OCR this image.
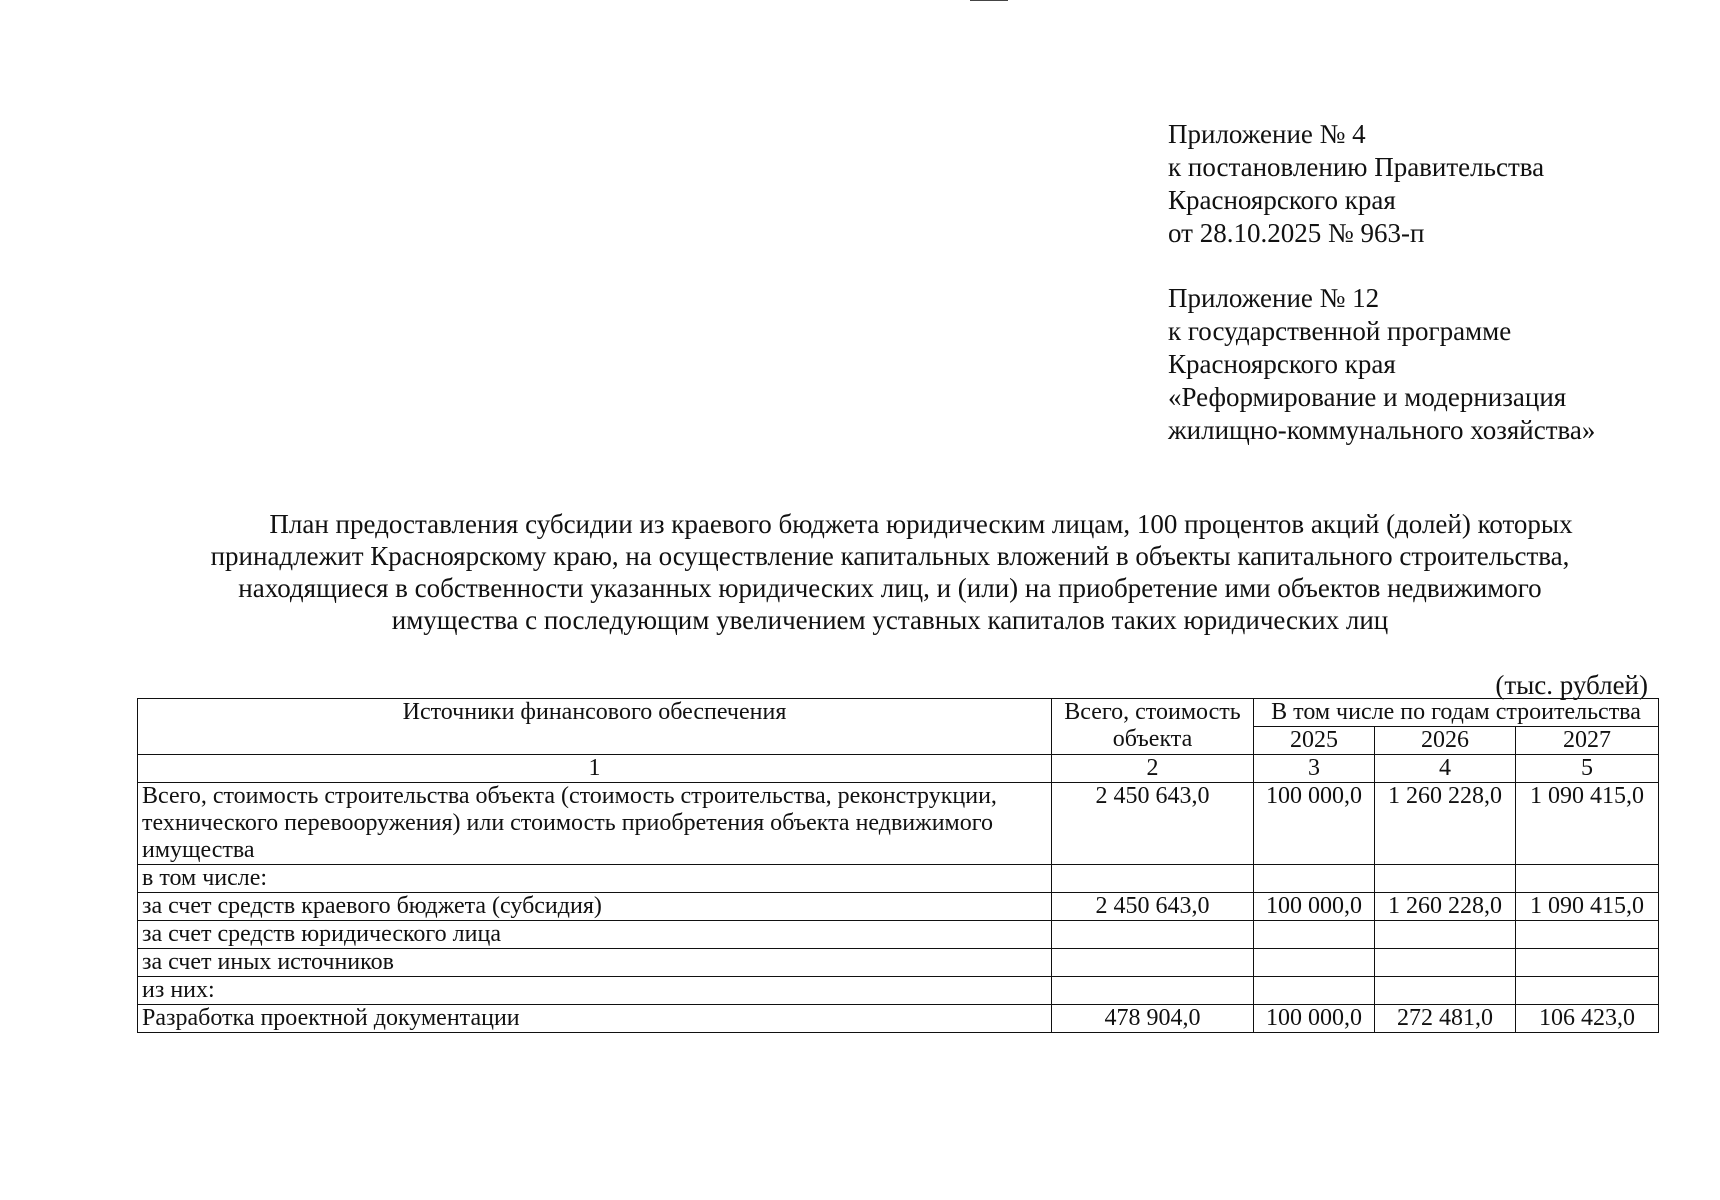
Приложение № 4
к постановлению Правительства
Красноярского края
от 28.10.2025 № 963-п
Приложение № 12
к государственной программе
Красноярского края
«Реформирование и модернизация
жилищно-коммунального хозяйства»
План предоставления субсидии из краевого бюджета юридическим лицам, 100 процентов акций (долей) которых
принадлежит Красноярскому краю, на осуществление капитальных вложений в объекты капитального строительства,
находящиеся в собственности указанных юридических лиц, и (или) на приобретение ими объектов недвижимого
имущества с последующим увеличением уставных капиталов таких юридических лиц
(тыс. рублей)
Источники финансового обеспечения	Всего, стоимость объекта	В том числе по годам строительства		
		2025	2026	2027
1	2	3	4	5
Всего, стоимость строительства объекта (стоимость строительства, реконструкции, технического перевооружения) или стоимость приобретения объекта недвижимого имущества	2 450 643,0	100 000,0	1 260 228,0	1 090 415,0
в том числе:				
за счет средств краевого бюджета (субсидия)	2 450 643,0	100 000,0	1 260 228,0	1 090 415,0
за счет средств юридического лица				
за счет иных источников				
из них:				
Разработка проектной документации	478 904,0	100 000,0	272 481,0	106 423,0
